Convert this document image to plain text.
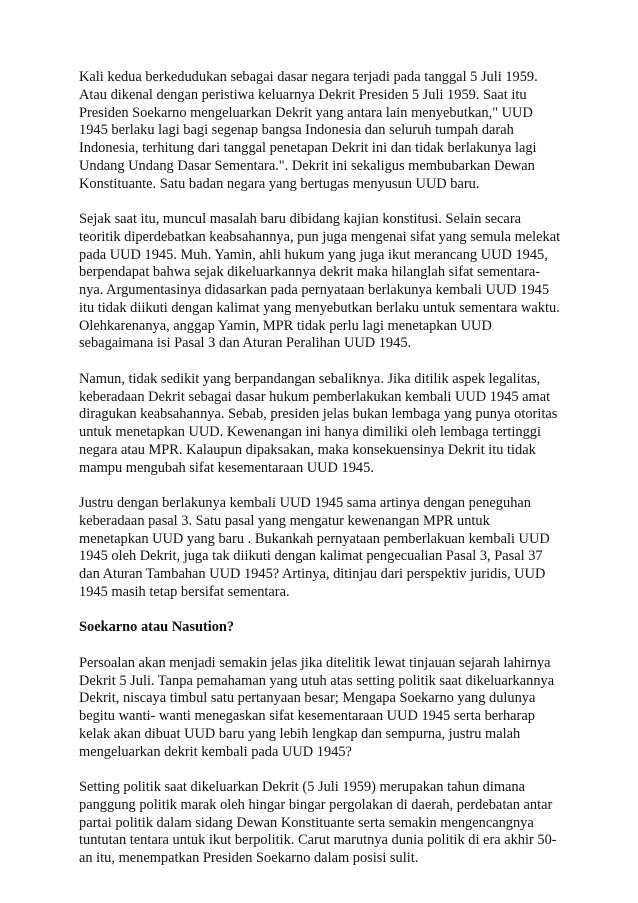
Kali kedua berkedudukan sebagai dasar negara terjadi pada tanggal 5 Juli 1959.
Atau dikenal dengan peristiwa keluarnya Dekrit Presiden 5 Juli 1959. Saat itu
Presiden Soekarno mengeluarkan Dekrit yang antara lain menyebutkan," UUD
1945 berlaku lagi bagi segenap bangsa Indonesia dan seluruh tumpah darah
Indonesia, terhitung dari tanggal penetapan Dekrit ini dan tidak berlakunya lagi
Undang Undang Dasar Sementara.". Dekrit ini sekaligus membubarkan Dewan
Konstituante. Satu badan negara yang bertugas menyusun UUD baru.

Sejak saat itu, muncul masalah baru dibidang kajian konstitusi. Selain secara
teoritik diperdebatkan keabsahannya, pun juga mengenai sifat yang semula melekat
pada UUD 1945. Muh. Yamin, ahli hukum yang juga ikut merancang UUD 1945,
berpendapat bahwa sejak dikeluarkannya dekrit maka hilanglah sifat sementara-
nya. Argumentasinya didasarkan pada pernyataan berlakunya kembali UUD 1945
itu tidak diikuti dengan kalimat yang menyebutkan berlaku untuk sementara waktu.
Olehkarenanya, anggap Yamin, MPR tidak perlu lagi menetapkan UUD
sebagaimana isi Pasal 3 dan Aturan Peralihan UUD 1945.

Namun, tidak sedikit yang berpandangan sebaliknya. Jika ditilik aspek legalitas,
keberadaan Dekrit sebagai dasar hukum pemberlakukan kembali UUD 1945 amat
diragukan keabsahannya. Sebab, presiden jelas bukan lembaga yang punya otoritas
untuk menetapkan UUD. Kewenangan ini hanya dimiliki oleh lembaga tertinggi
negara atau MPR. Kalaupun dipaksakan, maka konsekuensinya Dekrit itu tidak
mampu mengubah sifat kesementaraan UUD 1945.

Justru dengan berlakunya kembali UUD 1945 sama artinya dengan peneguhan
keberadaan pasal 3. Satu pasal yang mengatur kewenangan MPR untuk
menetapkan UUD yang baru . Bukankah pernyataan pemberlakuan kembali UUD
1945 oleh Dekrit, juga tak diikuti dengan kalimat pengecualian Pasal 3, Pasal 37
dan Aturan Tambahan UUD 1945? Artinya, ditinjau dari perspektiv juridis, UUD
1945 masih tetap bersifat sementara.

Soekarno atau Nasution?

Persoalan akan menjadi semakin jelas jika ditelitik lewat tinjauan sejarah lahirnya
Dekrit 5 Juli. Tanpa pemahaman yang utuh atas setting politik saat dikeluarkannya
Dekrit, niscaya timbul satu pertanyaan besar; Mengapa Soekarno yang dulunya
begitu wanti- wanti menegaskan sifat kesementaraan UUD 1945 serta berharap
kelak akan dibuat UUD baru yang lebih lengkap dan sempurna, justru malah
mengeluarkan dekrit kembali pada UUD 1945?

Setting politik saat dikeluarkan Dekrit (5 Juli 1959) merupakan tahun dimana
panggung politik marak oleh hingar bingar pergolakan di daerah, perdebatan antar
partai politik dalam sidang Dewan Konstituante serta semakin mengencangnya
tuntutan tentara untuk ikut berpolitik. Carut marutnya dunia politik di era akhir 50-
an itu, menempatkan Presiden Soekarno dalam posisi sulit.
